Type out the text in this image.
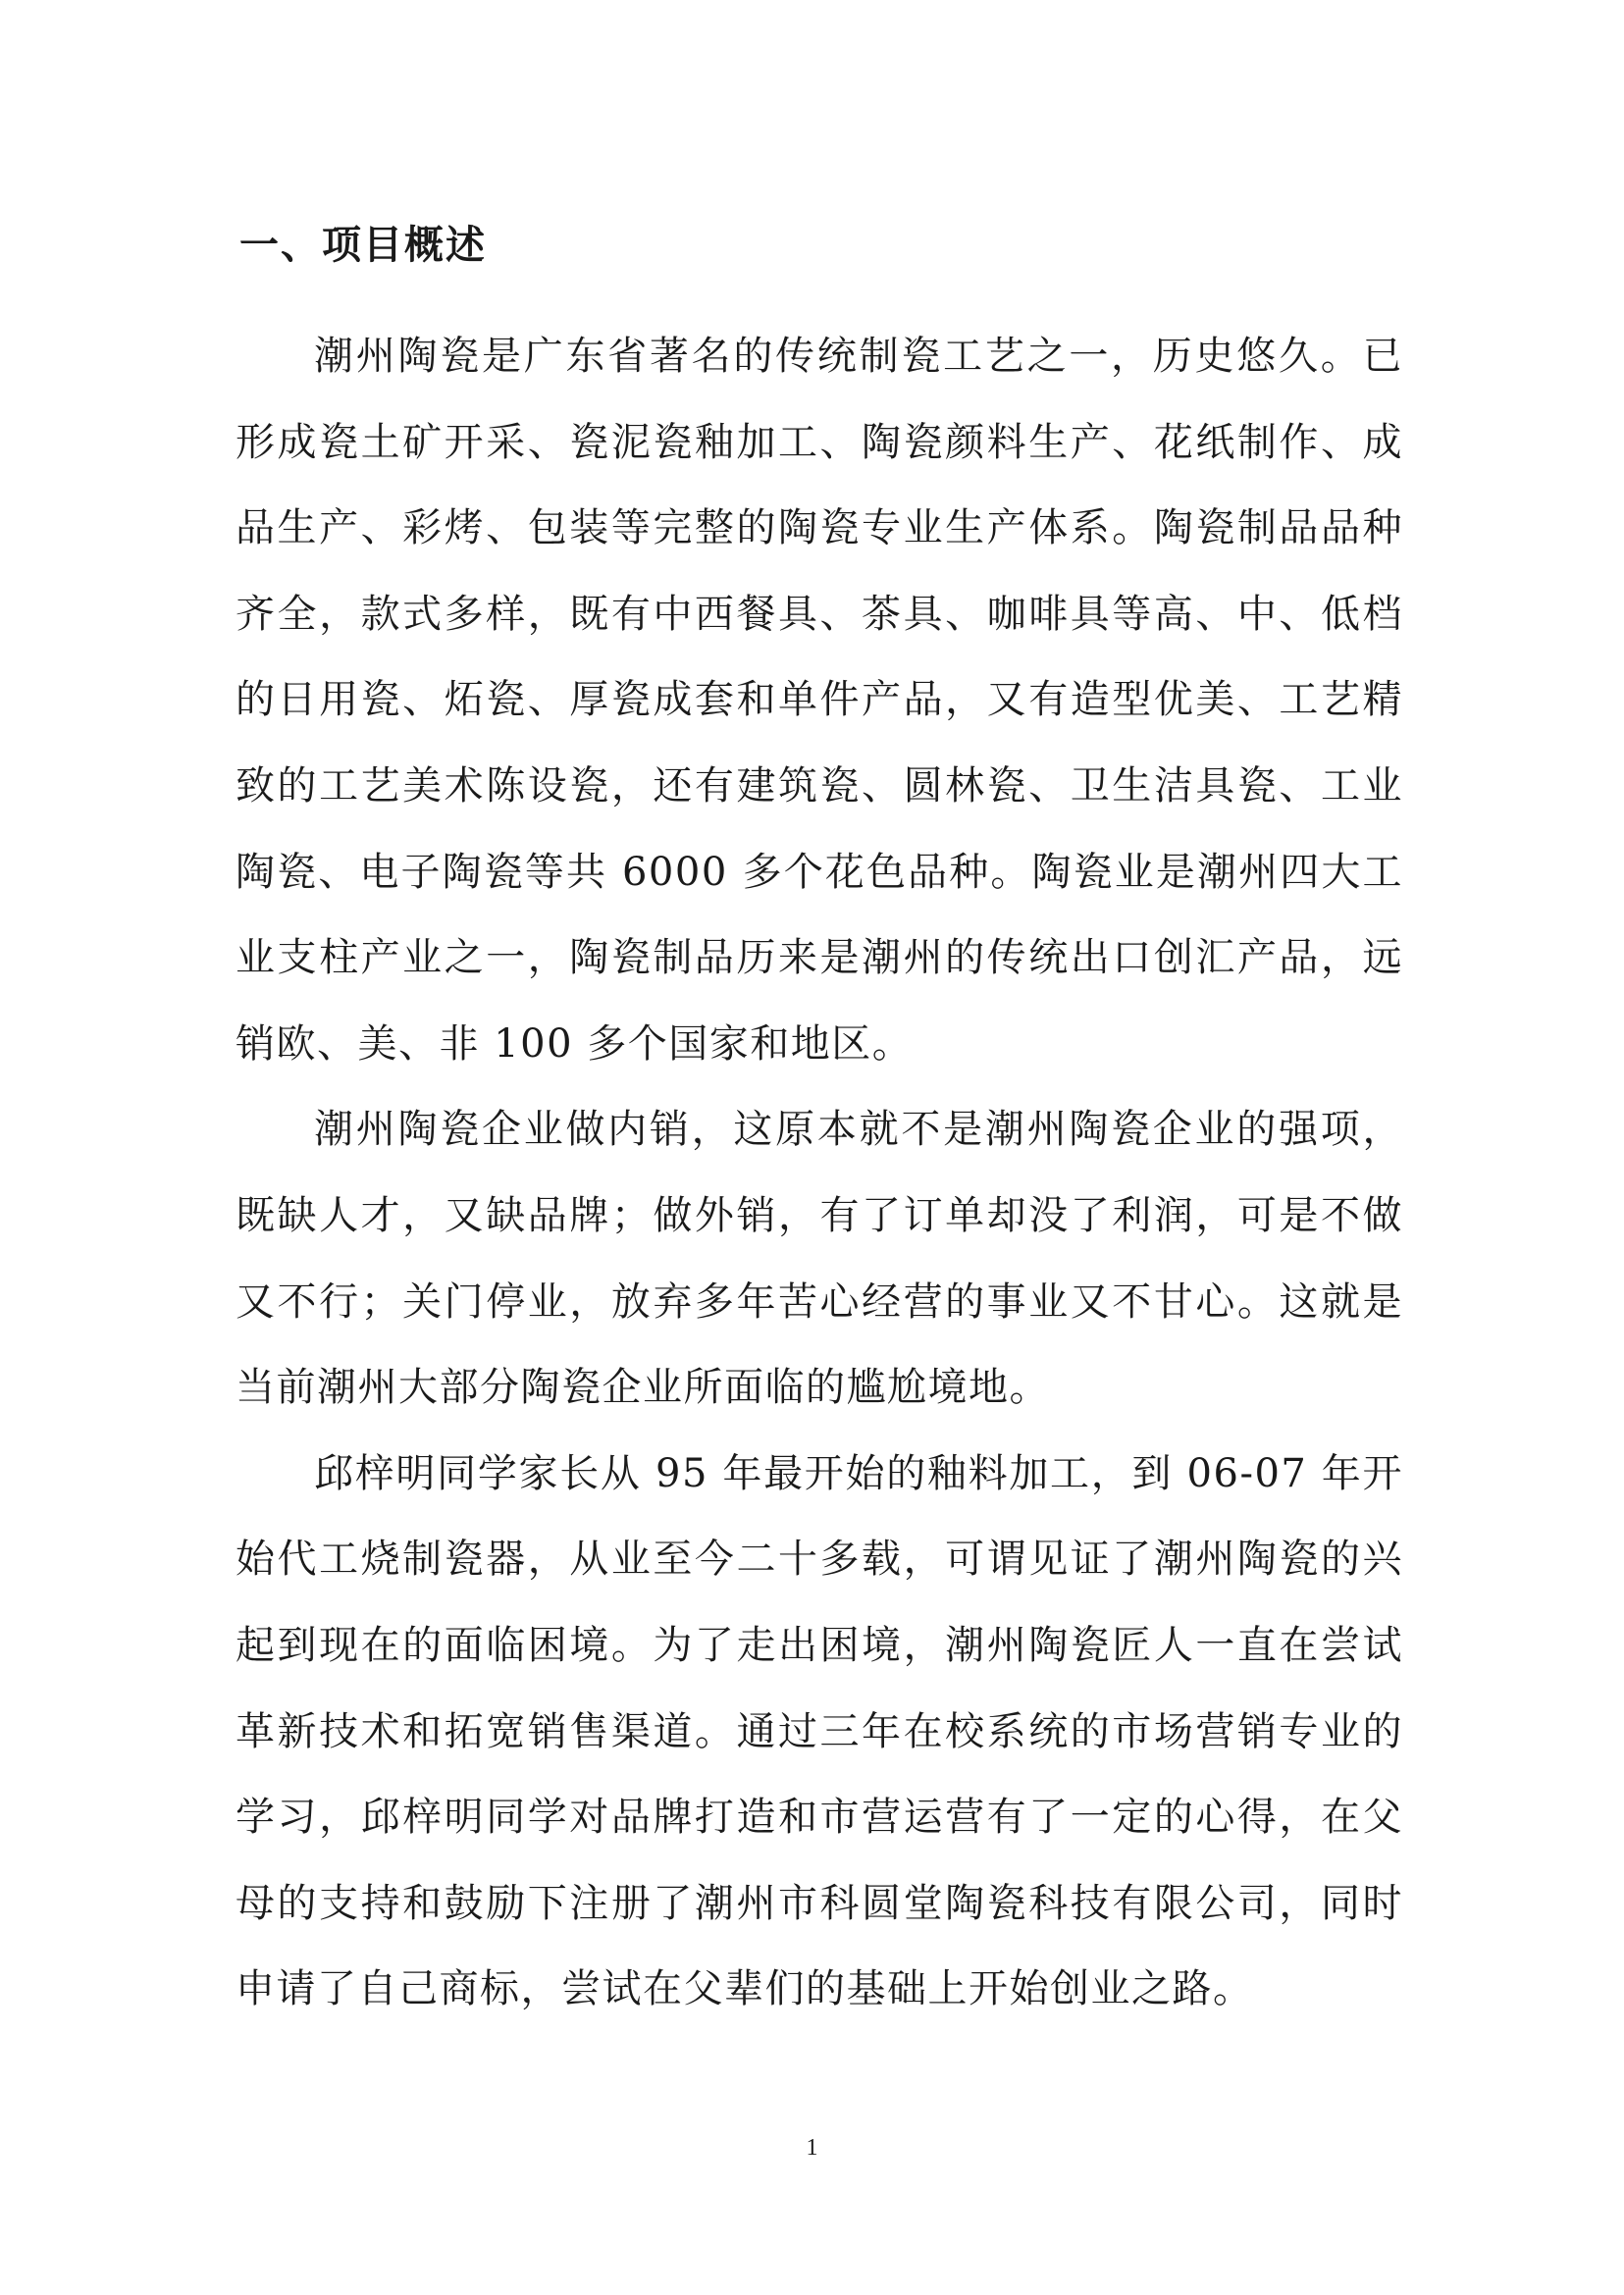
一、项目概述

潮州陶瓷是广东省著名的传统制瓷工艺之一，历史悠久。已形成瓷土矿开采、瓷泥瓷釉加工、陶瓷颜料生产、花纸制作、成品生产、彩烤、包装等完整的陶瓷专业生产体系。陶瓷制品品种齐全，款式多样，既有中西餐具、茶具、咖啡具等高、中、低档的日用瓷、炻瓷、厚瓷成套和单件产品，又有造型优美、工艺精致的工艺美术陈设瓷，还有建筑瓷、圆林瓷、卫生洁具瓷、工业陶瓷、电子陶瓷等共 6000 多个花色品种。陶瓷业是潮州四大工业支柱产业之一，陶瓷制品历来是潮州的传统出口创汇产品，远销欧、美、非 100 多个国家和地区。

潮州陶瓷企业做内销，这原本就不是潮州陶瓷企业的强项，既缺人才，又缺品牌；做外销，有了订单却没了利润，可是不做又不行；关门停业，放弃多年苦心经营的事业又不甘心。这就是当前潮州大部分陶瓷企业所面临的尴尬境地。

邱梓明同学家长从 95 年最开始的釉料加工，到 06-07 年开始代工烧制瓷器，从业至今二十多载，可谓见证了潮州陶瓷的兴起到现在的面临困境。为了走出困境，潮州陶瓷匠人一直在尝试革新技术和拓宽销售渠道。通过三年在校系统的市场营销专业的学习，邱梓明同学对品牌打造和市营运营有了一定的心得，在父母的支持和鼓励下注册了潮州市科圆堂陶瓷科技有限公司，同时申请了自己商标，尝试在父辈们的基础上开始创业之路。

1
